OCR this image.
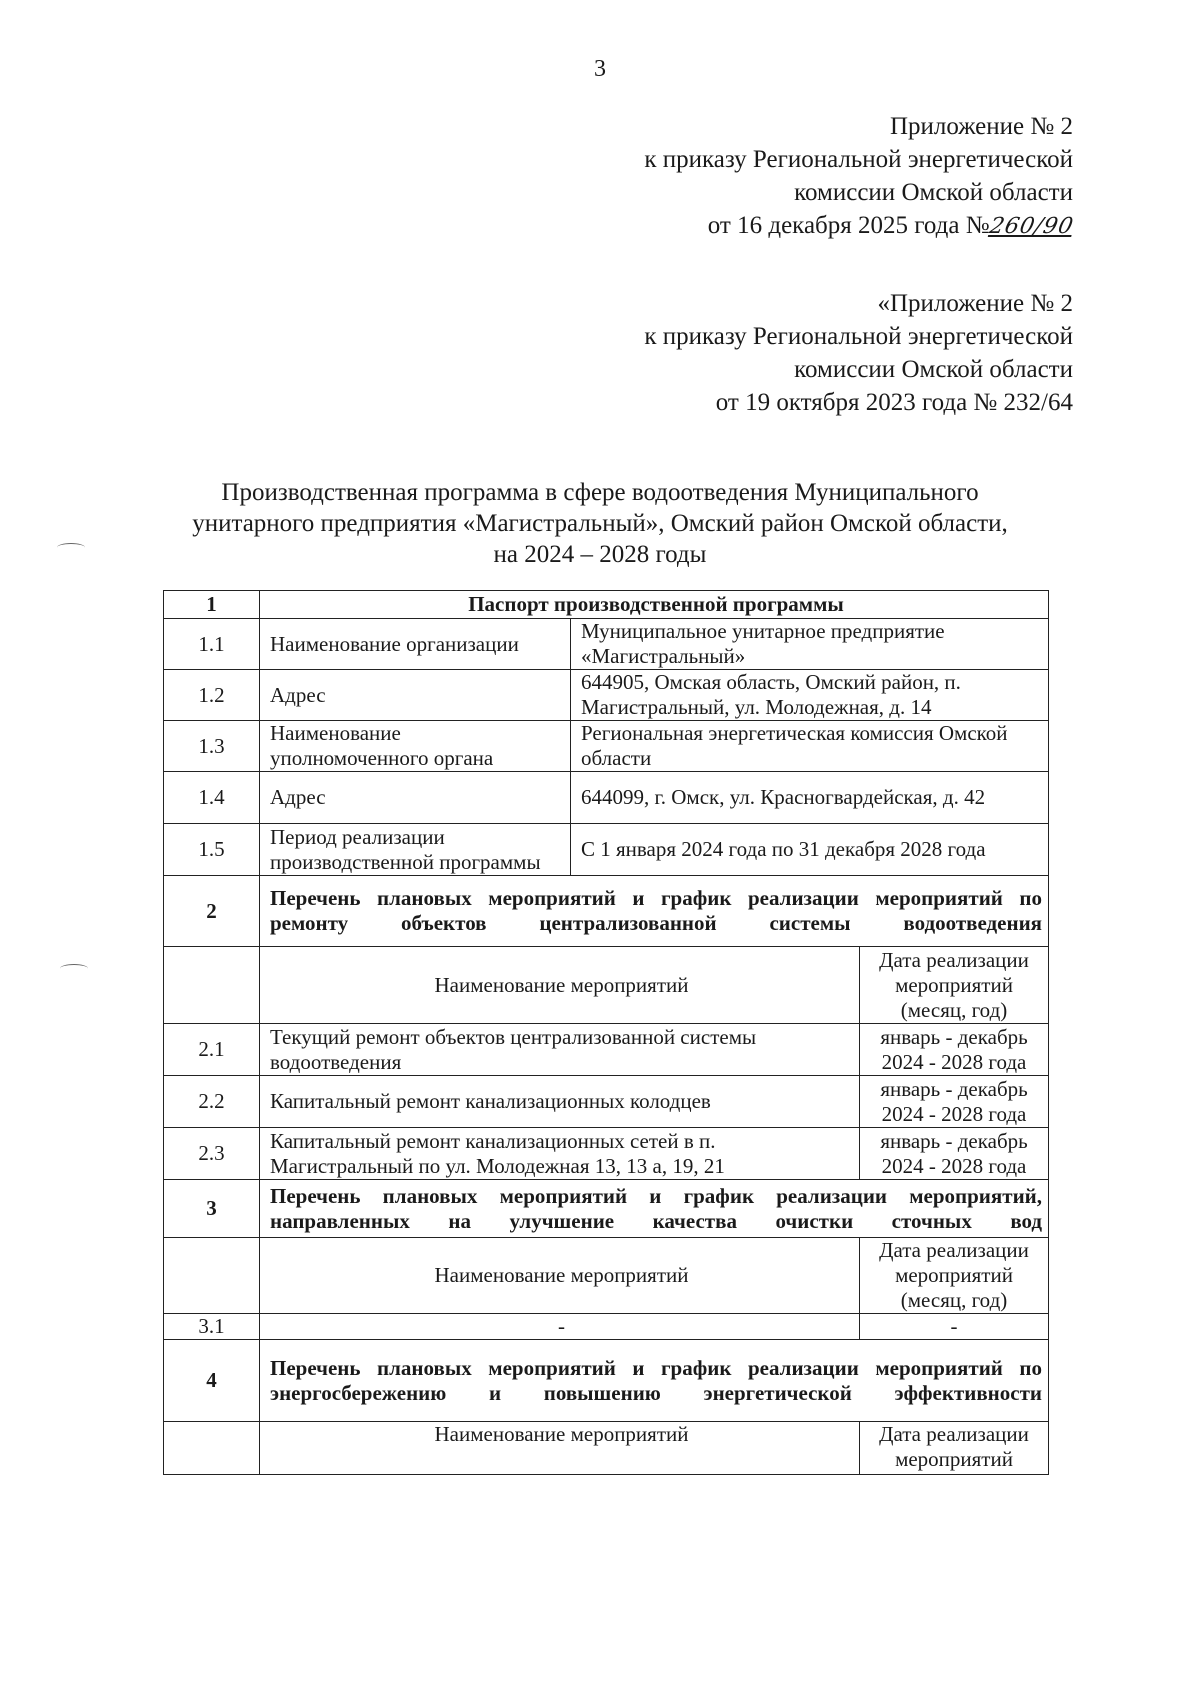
3
Приложение № 2
к приказу Региональной энергетической
комиссии Омской области
от 16 декабря 2025 года №260/90
«Приложение № 2
к приказу Региональной энергетической
комиссии Омской области
от 19 октября 2023 года № 232/64
Производственная программа в сфере водоотведения Муниципального
унитарного предприятия «Магистральный», Омский район Омской области,
на 2024 – 2028 годы
1	Паспорт производственной программы		
1.1	Наименование организации	Муниципальное унитарное предприятие «Магистральный»	
1.2	Адрес	644905, Омская область, Омский район, п. Магистральный, ул. Молодежная, д. 14	
1.3	Наименование уполномоченного органа	Региональная энергетическая комиссия Омской области	
1.4	Адрес	644099, г. Омск, ул. Красногвардейская, д. 42	
1.5	Период реализации производственной программы	С 1 января 2024 года по 31 декабря 2028 года	
2	Перечень плановых мероприятий и график реализации мероприятий по ремонту объектов централизованной системы водоотведения		
	Наименование мероприятий		Дата реализации мероприятий (месяц, год)
2.1	Текущий ремонт объектов централизованной системы водоотведения		январь - декабрь 2024 - 2028 года
2.2	Капитальный ремонт канализационных колодцев		январь - декабрь 2024 - 2028 года
2.3	Капитальный ремонт канализационных сетей в п. Магистральный по ул. Молодежная 13, 13 а, 19, 21		январь - декабрь 2024 - 2028 года
3	Перечень плановых мероприятий и график реализации мероприятий, направленных на улучшение качества очистки сточных вод		
	Наименование мероприятий		Дата реализации мероприятий (месяц, год)
3.1	-		-
4	Перечень плановых мероприятий и график реализации мероприятий по энергосбережению и повышению энергетической эффективности		
	Наименование мероприятий		Дата реализации мероприятий
